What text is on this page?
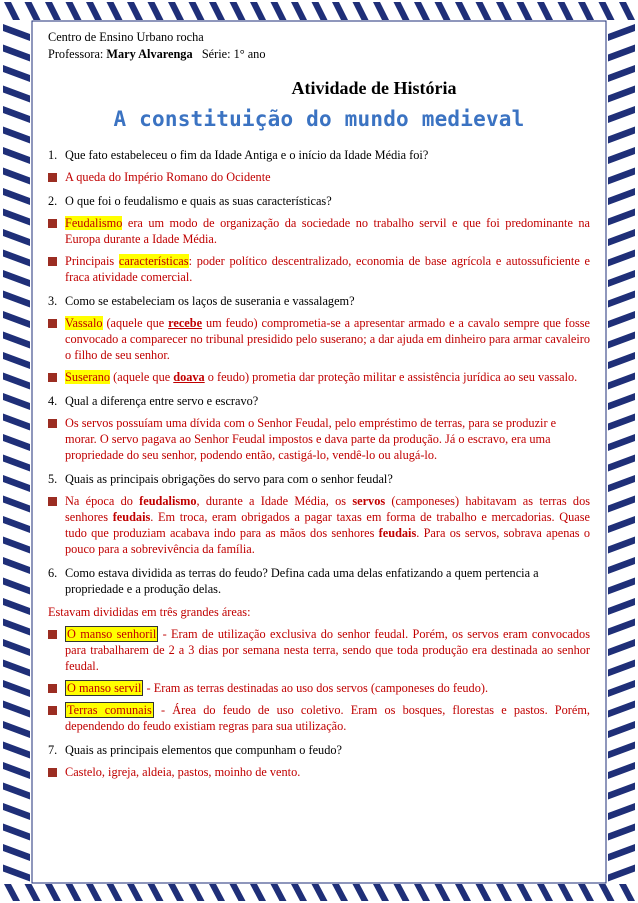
Centro de Ensino Urbano rocha
Professora: Mary Alvarenga Série: 1° ano
Atividade de História
A constituição do mundo medieval
1. Que fato estabeleceu o fim da Idade Antiga e o início da Idade Média foi?
A queda do Império Romano do Ocidente
2. O que foi o feudalismo e quais as suas características?
Feudalismo era um modo de organização da sociedade no trabalho servil e que foi predominante na Europa durante a Idade Média.
Principais características: poder político descentralizado, economia de base agrícola e autossuficiente e fraca atividade comercial.
3. Como se estabeleciam os laços de suserania e vassalagem?
Vassalo (aquele que recebe um feudo) comprometia-se a apresentar armado e a cavalo sempre que fosse convocado a comparecer no tribunal presidido pelo suserano; a dar ajuda em dinheiro para armar cavaleiro o filho de seu senhor.
Suserano (aquele que doava o feudo) prometia dar proteção militar e assistência jurídica ao seu vassalo.
4. Qual a diferença entre servo e escravo?
Os servos possuíam uma dívida com o Senhor Feudal, pelo empréstimo de terras, para se produzir e morar. O servo pagava ao Senhor Feudal impostos e dava parte da produção. Já o escravo, era uma propriedade do seu senhor, podendo então, castigá-lo, vendê-lo ou alugá-lo.
5. Quais as principais obrigações do servo para com o senhor feudal?
Na época do feudalismo, durante a Idade Média, os servos (camponeses) habitavam as terras dos senhores feudais. Em troca, eram obrigados a pagar taxas em forma de trabalho e mercadorias. Quase tudo que produziam acabava indo para as mãos dos senhores feudais. Para os servos, sobrava apenas o pouco para a sobrevivência da família.
6. Como estava dividida as terras do feudo? Defina cada uma delas enfatizando a quem pertencia a propriedade e a produção delas.
Estavam divididas em três grandes áreas:
O manso senhoril - Eram de utilização exclusiva do senhor feudal. Porém, os servos eram convocados para trabalharem de 2 a 3 dias por semana nesta terra, sendo que toda produção era destinada ao senhor feudal.
O manso servil - Eram as terras destinadas ao uso dos servos (camponeses do feudo).
Terras comunais - Área do feudo de uso coletivo. Eram os bosques, florestas e pastos. Porém, dependendo do feudo existiam regras para sua utilização.
7. Quais as principais elementos que compunham o feudo?
Castelo, igreja, aldeia, pastos, moinho de vento.
